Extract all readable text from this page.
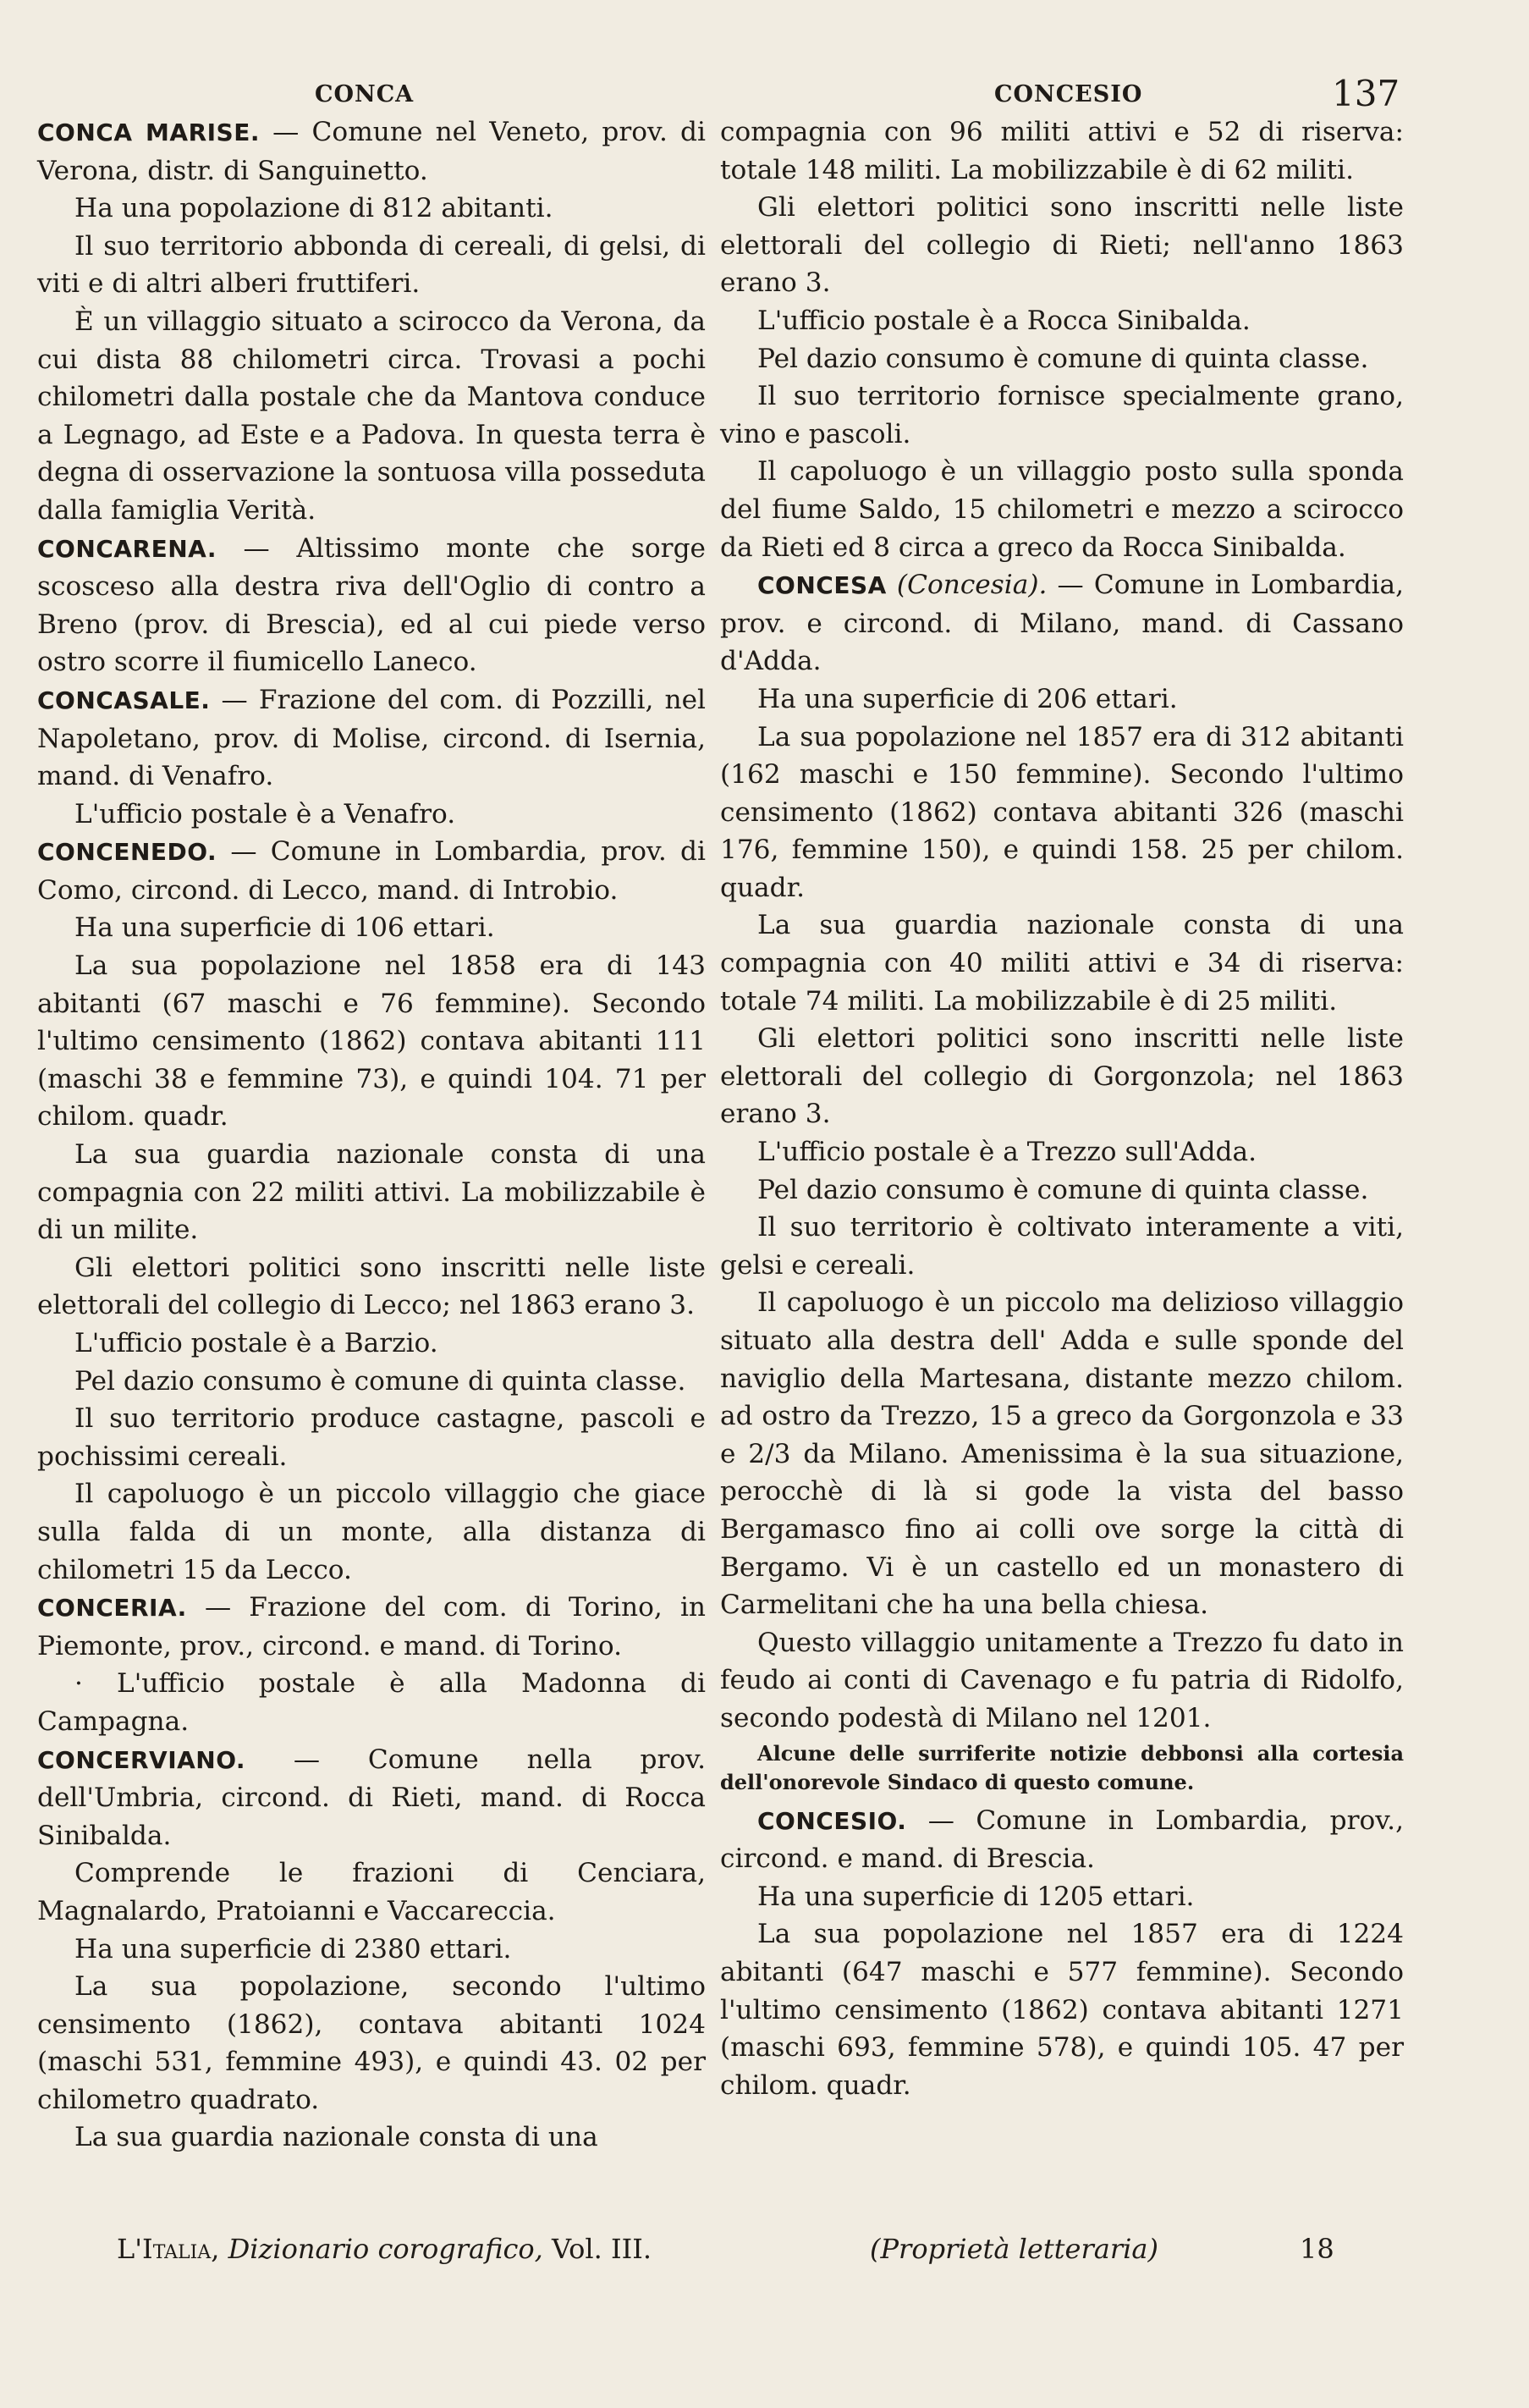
CONCA	CONCESIO	137

CONCA MARISE. — Comune nel Veneto, prov. di Verona, distr. di Sanguinetto.

Ha una popolazione di 812 abitanti.

Il suo territorio abbonda di cereali, di gelsi, di viti e di altri alberi fruttiferi.

È un villaggio situato a scirocco da Verona, da cui dista 88 chilometri circa. Trovasi a pochi chilometri dalla postale che da Mantova conduce a Legnago, ad Este e a Padova. In questa terra è degna di osservazione la sontuosa villa posseduta dalla famiglia Verità.

CONCARENA. — Altissimo monte che sorge scosceso alla destra riva dell'Oglio di contro a Breno (prov. di Brescia), ed al cui piede verso ostro scorre il fiumicello Laneco.

CONCASALE. — Frazione del com. di Pozzilli, nel Napoletano, prov. di Molise, circond. di Isernia, mand. di Venafro.

L'ufficio postale è a Venafro.

CONCENEDO. — Comune in Lombardia, prov. di Como, circond. di Lecco, mand. di Introbio.

Ha una superficie di 106 ettari.

La sua popolazione nel 1858 era di 143 abitanti (67 maschi e 76 femmine). Secondo l'ultimo censimento (1862) contava abitanti 111 (maschi 38 e femmine 73), e quindi 104. 71 per chilom. quadr.

La sua guardia nazionale consta di una compagnia con 22 militi attivi. La mobilizzabile è di un milite.

Gli elettori politici sono inscritti nelle liste elettorali del collegio di Lecco; nel 1863 erano 3.

L'ufficio postale è a Barzio.

Pel dazio consumo è comune di quinta classe.

Il suo territorio produce castagne, pascoli e pochissimi cereali.

Il capoluogo è un piccolo villaggio che giace sulla falda di un monte, alla distanza di chilometri 15 da Lecco.

CONCERIA. — Frazione del com. di Torino, in Piemonte, prov., circond. e mand. di Torino.

· L'ufficio postale è alla Madonna di Campagna.

CONCERVIANO. — Comune nella prov. dell'Umbria, circond. di Rieti, mand. di Rocca Sinibalda.

Comprende le frazioni di Cenciara, Magnalardo, Pratoianni e Vaccareccia.

Ha una superficie di 2380 ettari.

La sua popolazione, secondo l'ultimo censimento (1862), contava abitanti 1024 (maschi 531, femmine 493), e quindi 43. 02 per chilometro quadrato.

La sua guardia nazionale consta di una

compagnia con 96 militi attivi e 52 di riserva: totale 148 militi. La mobilizzabile è di 62 militi.

Gli elettori politici sono inscritti nelle liste elettorali del collegio di Rieti; nell'anno 1863 erano 3.

L'ufficio postale è a Rocca Sinibalda.

Pel dazio consumo è comune di quinta classe.

Il suo territorio fornisce specialmente grano, vino e pascoli.

Il capoluogo è un villaggio posto sulla sponda del fiume Saldo, 15 chilometri e mezzo a scirocco da Rieti ed 8 circa a greco da Rocca Sinibalda.

CONCESA (Concesia). — Comune in Lombardia, prov. e circond. di Milano, mand. di Cassano d'Adda.

Ha una superficie di 206 ettari.

La sua popolazione nel 1857 era di 312 abitanti (162 maschi e 150 femmine). Secondo l'ultimo censimento (1862) contava abitanti 326 (maschi 176, femmine 150), e quindi 158. 25 per chilom. quadr.

La sua guardia nazionale consta di una compagnia con 40 militi attivi e 34 di riserva: totale 74 militi. La mobilizzabile è di 25 militi.

Gli elettori politici sono inscritti nelle liste elettorali del collegio di Gorgonzola; nel 1863 erano 3.

L'ufficio postale è a Trezzo sull'Adda.

Pel dazio consumo è comune di quinta classe.

Il suo territorio è coltivato interamente a viti, gelsi e cereali.

Il capoluogo è un piccolo ma delizioso villaggio situato alla destra dell' Adda e sulle sponde del naviglio della Martesana, distante mezzo chilom. ad ostro da Trezzo, 15 a greco da Gorgonzola e 33 e 2/3 da Milano. Amenissima è la sua situazione, perocchè di là si gode la vista del basso Bergamasco fino ai colli ove sorge la città di Bergamo. Vi è un castello ed un monastero di Carmelitani che ha una bella chiesa.

Questo villaggio unitamente a Trezzo fu dato in feudo ai conti di Cavenago e fu patria di Ridolfo, secondo podestà di Milano nel 1201.

Alcune delle surriferite notizie debbonsi alla cortesia dell'onorevole Sindaco di questo comune.

CONCESIO. — Comune in Lombardia, prov., circond. e mand. di Brescia.

Ha una superficie di 1205 ettari.

La sua popolazione nel 1857 era di 1224 abitanti (647 maschi e 577 femmine). Secondo l'ultimo censimento (1862) contava abitanti 1271 (maschi 693, femmine 578), e quindi 105. 47 per chilom. quadr.

L'Italia, Dizionario corografico, Vol. III.	(Proprietà letteraria)	18
